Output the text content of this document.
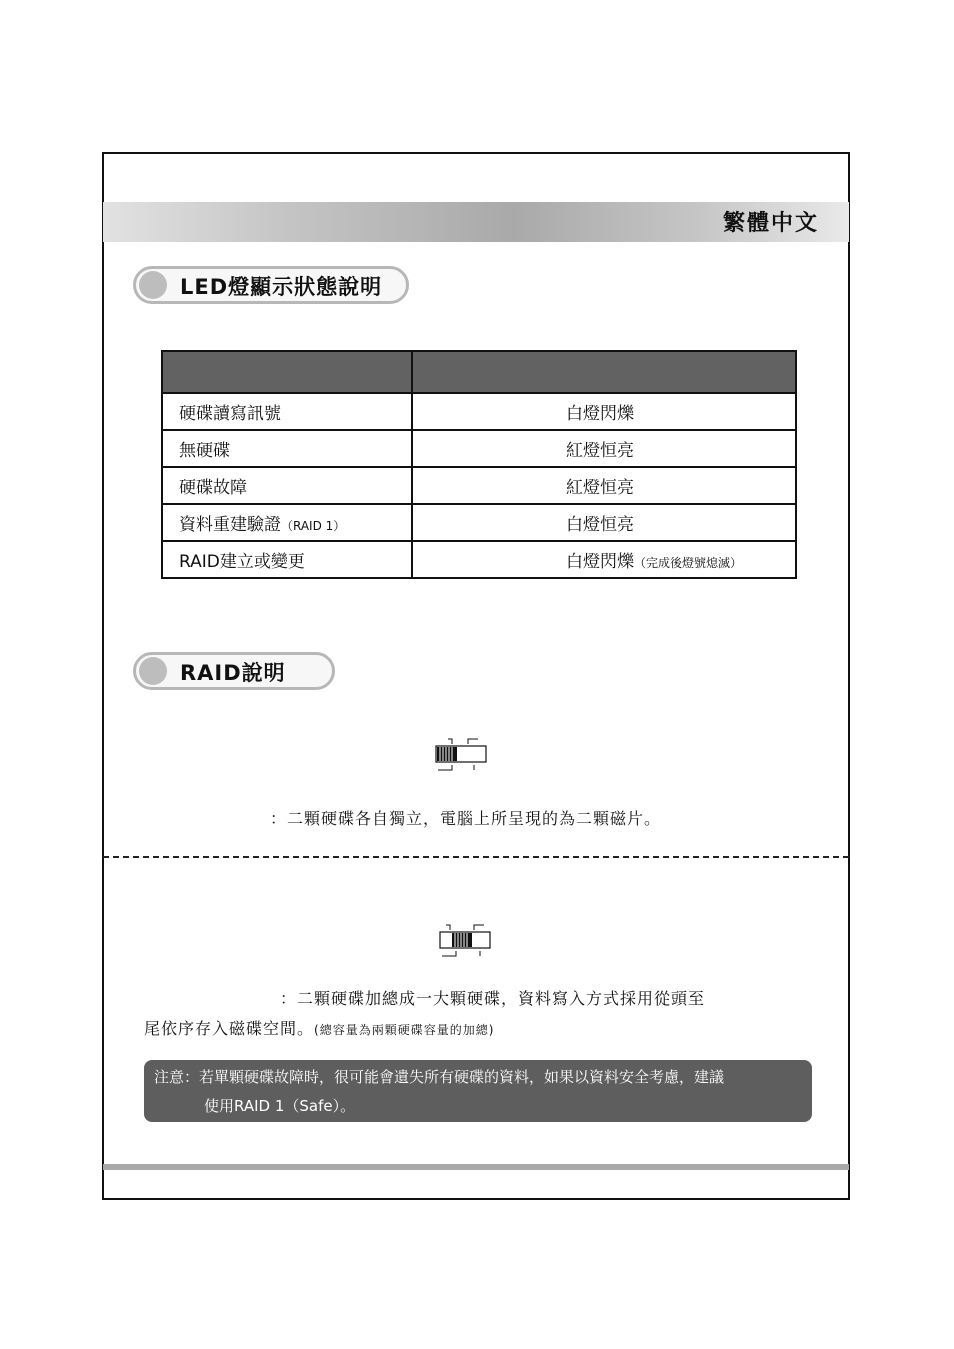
繁體中文
LED燈顯示狀態說明

硬碟讀寫訊號	白燈閃爍
無硬碟	紅燈恒亮
硬碟故障	紅燈恒亮
資料重建驗證（RAID 1）	白燈恒亮
RAID建立或變更	白燈閃爍（完成後燈號熄滅）
RAID說明
：二顆硬碟各自獨立，電腦上所呈現的為二顆磁片。
：二顆硬碟加總成一大顆硬碟，資料寫入方式採用從頭至
尾依序存入磁碟空間。(總容量為兩顆硬碟容量的加總)
注意：若單顆硬碟故障時，很可能會遺失所有硬碟的資料，如果以資料安全考慮，建議
使用RAID 1（Safe）。
